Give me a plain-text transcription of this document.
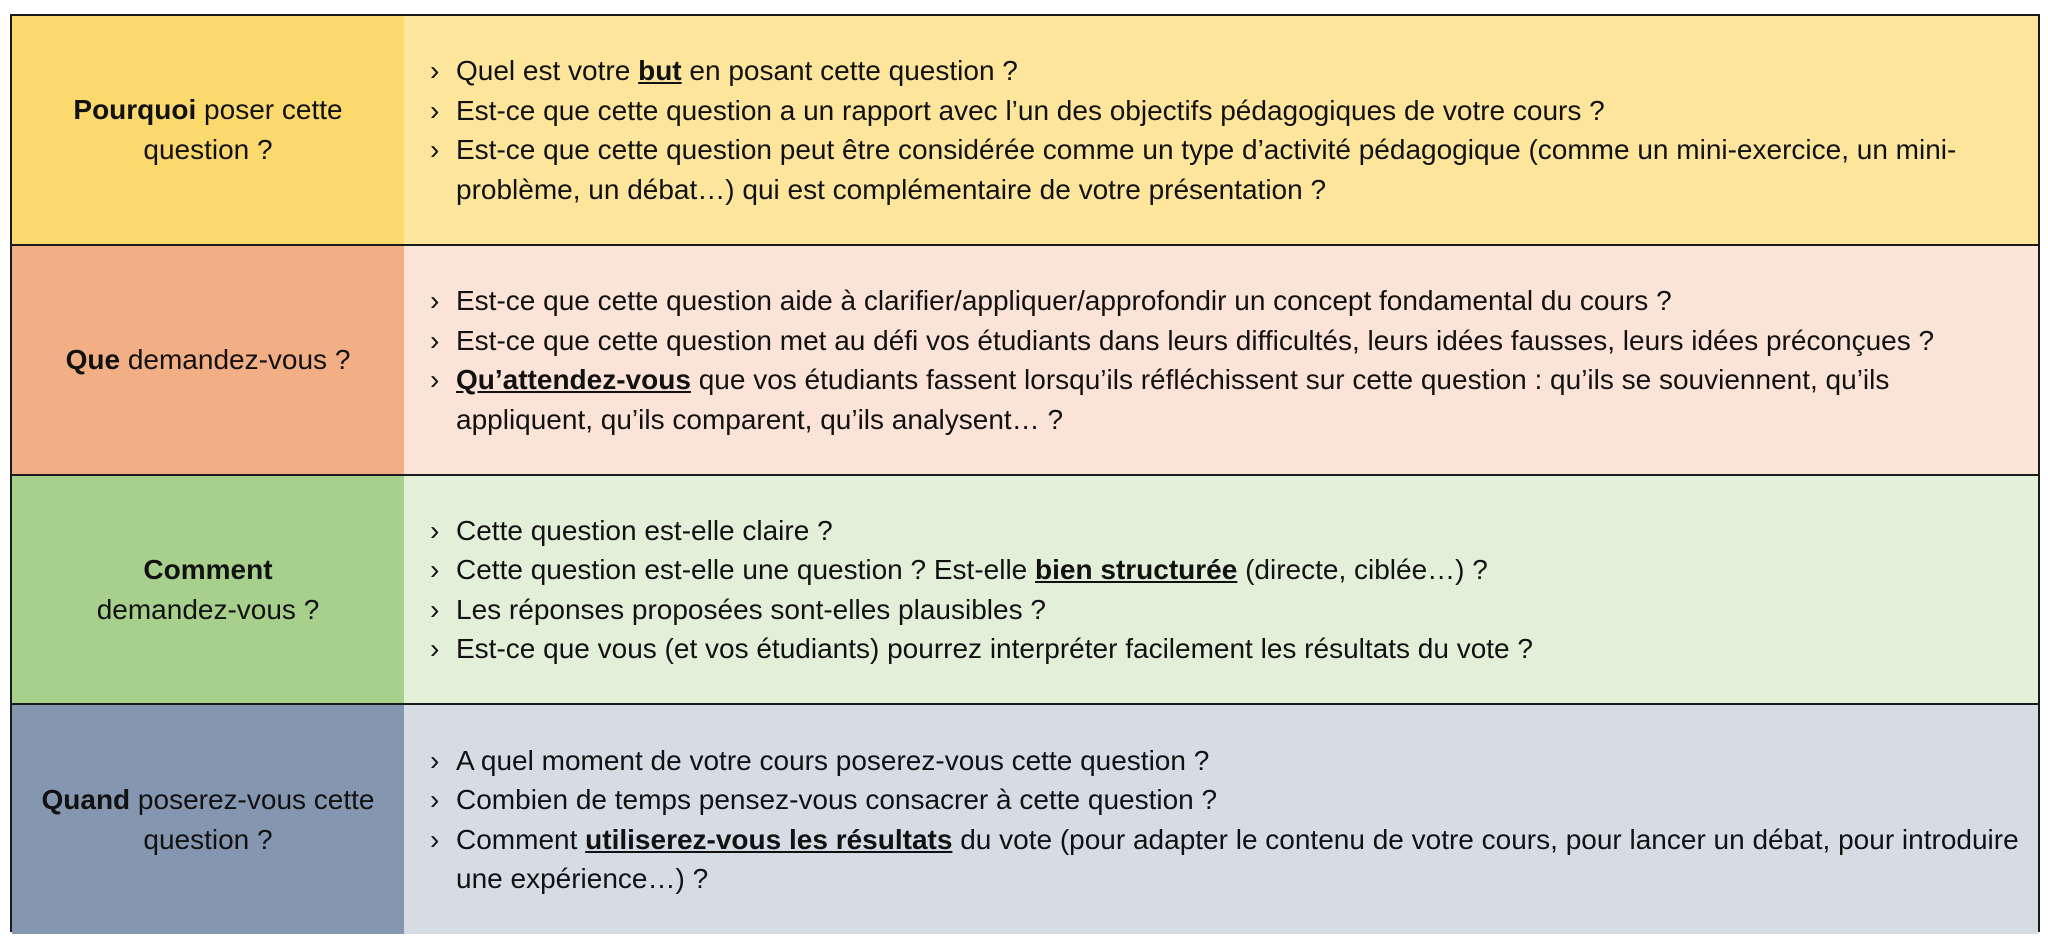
Pourquoi poser cette
question ?
› Quel est votre but en posant cette question ?
› Est-ce que cette question a un rapport avec l’un des objectifs pédagogiques de votre cours ?
› Est-ce que cette question peut être considérée comme un type d’activité pédagogique (comme un mini-exercice, un mini-problème, un débat…) qui est complémentaire de votre présentation ?
Que demandez-vous ?
› Est-ce que cette question aide à clarifier/appliquer/approfondir un concept fondamental du cours ?
› Est-ce que cette question met au défi vos étudiants dans leurs difficultés, leurs idées fausses, leurs idées préconçues ?
› Qu’attendez-vous que vos étudiants fassent lorsqu’ils réfléchissent sur cette question : qu’ils se souviennent, qu’ils appliquent, qu’ils comparent, qu’ils analysent… ?
Comment
demandez-vous ?
› Cette question est-elle claire ?
› Cette question est-elle une question ? Est-elle bien structurée (directe, ciblée…) ?
› Les réponses proposées sont-elles plausibles ?
› Est-ce que vous (et vos étudiants) pourrez interpréter facilement les résultats du vote ?
Quand poserez-vous cette
question ?
› A quel moment de votre cours poserez-vous cette question ?
› Combien de temps pensez-vous consacrer à cette question ?
› Comment utiliserez-vous les résultats du vote (pour adapter le contenu de votre cours, pour lancer un débat, pour introduire une expérience…) ?
